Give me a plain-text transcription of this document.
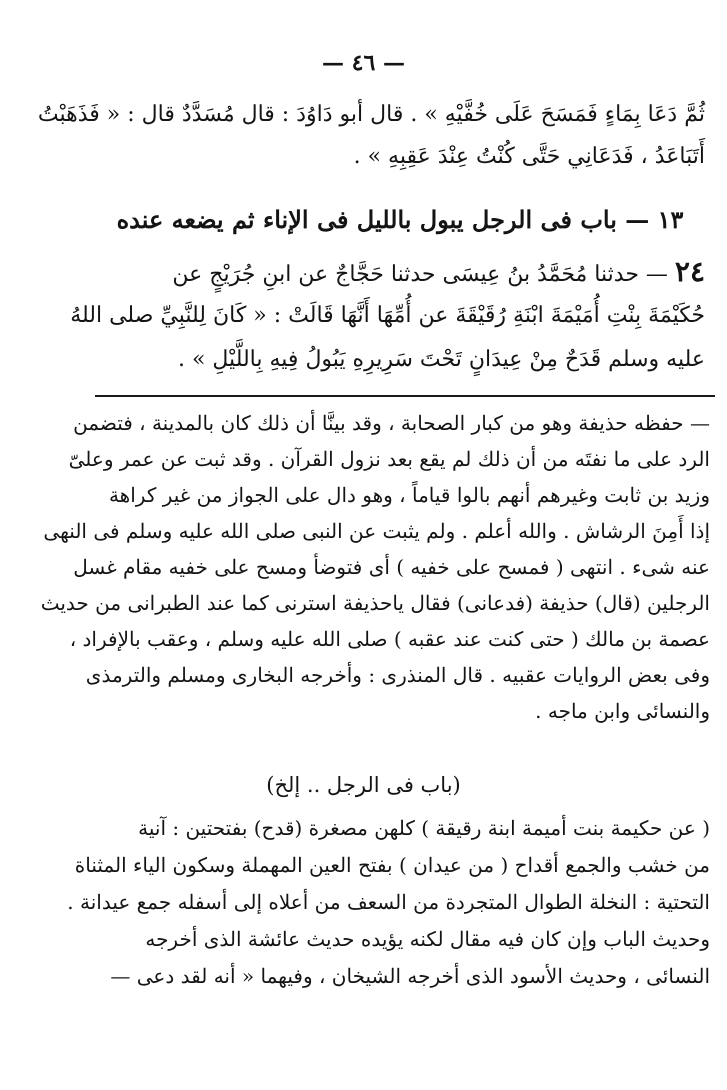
— ٤٦ —
ثُمَّ دَعَا بِمَاءٍ فَمَسَحَ عَلَى خُفَّيْهِ » . قال أبو دَاوُدَ : قال مُسَدَّدٌ قال : « فَذَهَبْتُ
أَتَبَاعَدُ ، فَدَعَانِي حَتَّى كُنْتُ عِنْدَ عَقِبِهِ » .
١٣ — باب فى الرجل يبول بالليل فى الإناء ثم يضعه عنده
٢٤ — حدثنا مُحَمَّدُ بنُ عِيسَى حدثنا حَجَّاجٌ عن ابنِ جُرَيْجٍ عن
حُكَيْمَةَ بِنْتِ أُمَيْمَةَ ابْنَةِ رُقَيْقَةَ عن أُمِّهَا أَنَّهَا قَالَتْ : « كَانَ لِلنَّبِيِّ صلى اللهُ
عليه وسلم قَدَحٌ مِنْ عِيدَانٍ تَحْتَ سَرِيرِهِ يَبُولُ فِيهِ بِاللَّيْلِ » .
— حفظه حذيفة وهو من كبار الصحابة ، وقد بينَّا أن ذلك كان بالمدينة ، فتضمن
الرد على ما نفتَه من أن ذلك لم يقع بعد نزول القرآن . وقد ثبت عن عمر وعلىّ
وزيد بن ثابت وغيرهم أنهم بالوا قياماً ، وهو دال على الجواز من غير كراهة
إذا أَمِنَ الرشاش . والله أعلم . ولم يثبت عن النبى صلى الله عليه وسلم فى النهى
عنه شىء . انتهى ( فمسح على خفيه ) أى فتوضأ ومسح على خفيه مقام غسل
الرجلين (قال) حذيفة (فدعانى) فقال ياحذيفة استرنى كما عند الطبرانى من حديث
عصمة بن مالك ( حتى كنت عند عقبه ) صلى الله عليه وسلم ، وعقب بالإفراد ،
وفى بعض الروايات عقبيه . قال المنذرى : وأخرجه البخارى ومسلم والترمذى
والنسائى وابن ماجه .
(باب فى الرجل .. إلخ)
( عن حكيمة بنت أميمة ابنة رقيقة ) كلهن مصغرة (قدح) بفتحتين : آنية
من خشب والجمع أقداح ( من عيدان ) بفتح العين المهملة وسكون الياء المثناة
التحتية : النخلة الطوال المتجردة من السعف من أعلاه إلى أسفله جمع عيدانة .
وحديث الباب وإن كان فيه مقال لكنه يؤيده حديث عائشة الذى أخرجه
النسائى ، وحديث الأسود الذى أخرجه الشيخان ، وفيهما « أنه لقد دعى —
